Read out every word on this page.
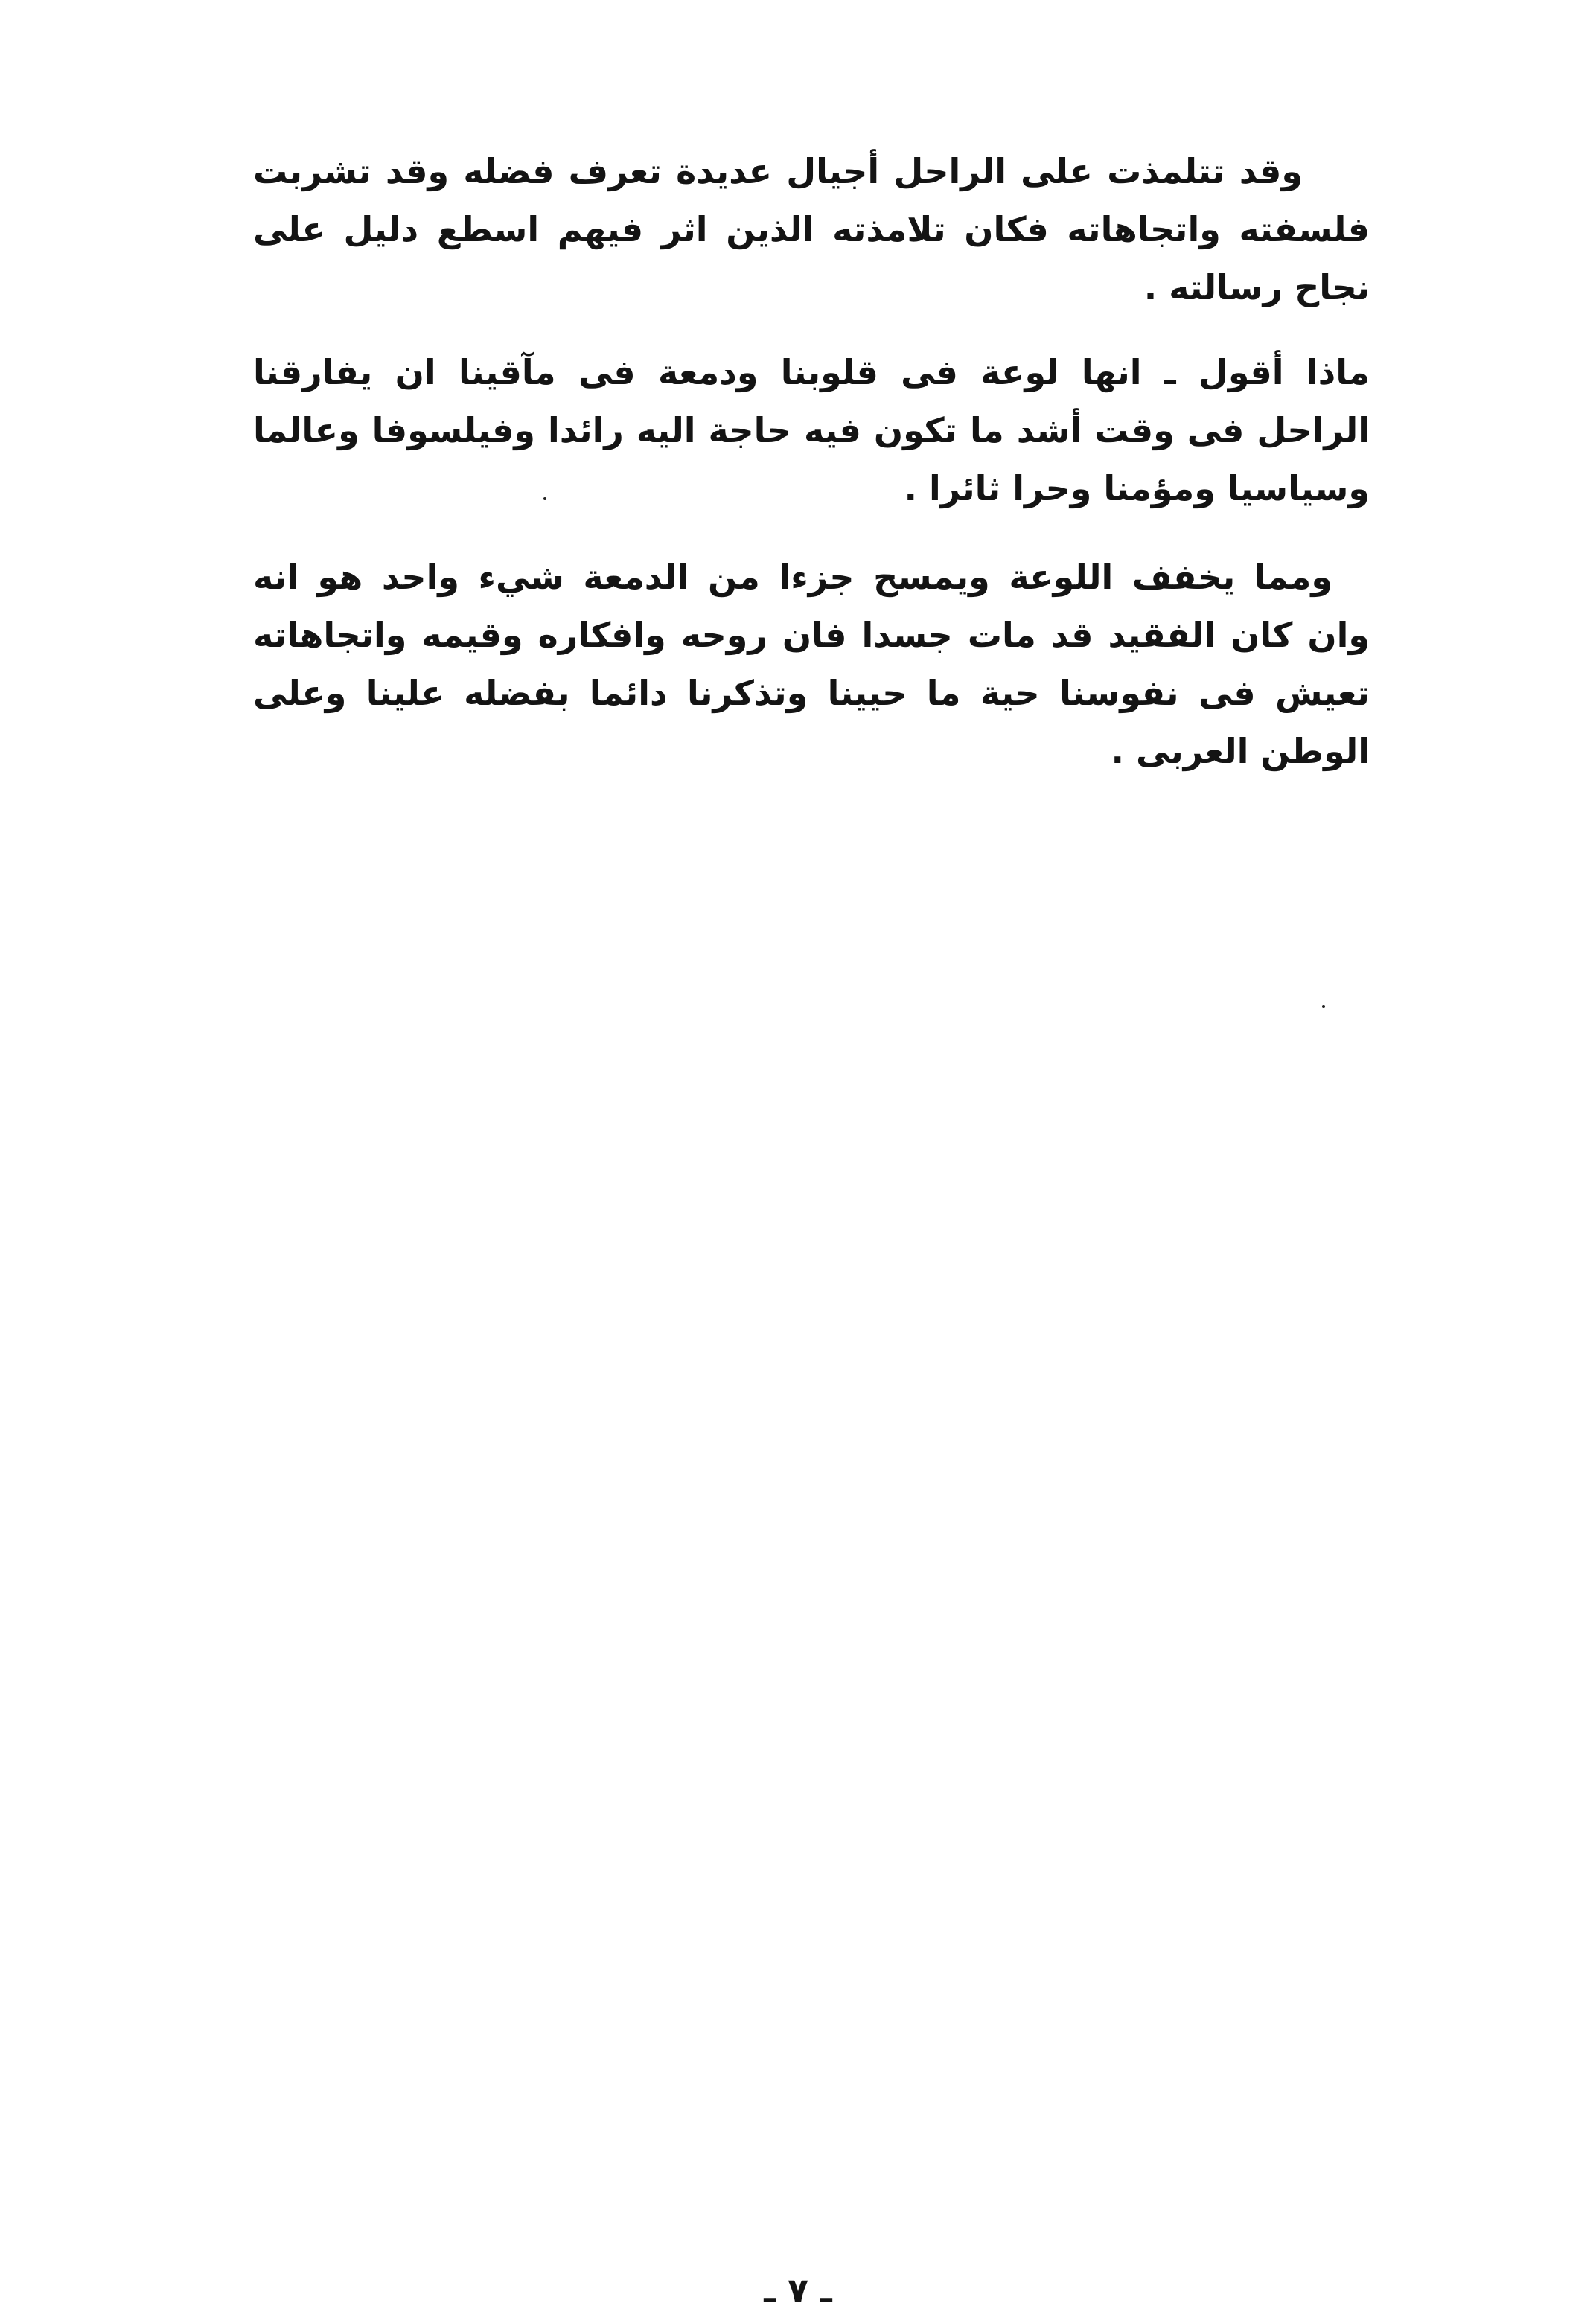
وقد تتلمذت على الراحل أجيال عديدة تعرف فضله وقد تشربت فلسفته واتجاهاته فكان تلامذته الذين اثر فيهم اسطع دليل على نجاح رسالته .

ماذا أقول ـ انها لوعة فى قلوبنا ودمعة فى مآقينا ان يفارقنا الراحل فى وقت أشد ما تكون فيه حاجة اليه رائدا وفيلسوفا وعالما وسياسيا ومؤمنا وحرا ثائرا .

ومما يخفف اللوعة ويمسح جزءا من الدمعة شيء واحد هو انه وان كان الفقيد قد مات جسدا فان روحه وافكاره وقيمه واتجاهاته تعيش فى نفوسنا حية ما حيينا وتذكرنا دائما بفضله علينا وعلى الوطن العربى .

ـ ٧ ـ
